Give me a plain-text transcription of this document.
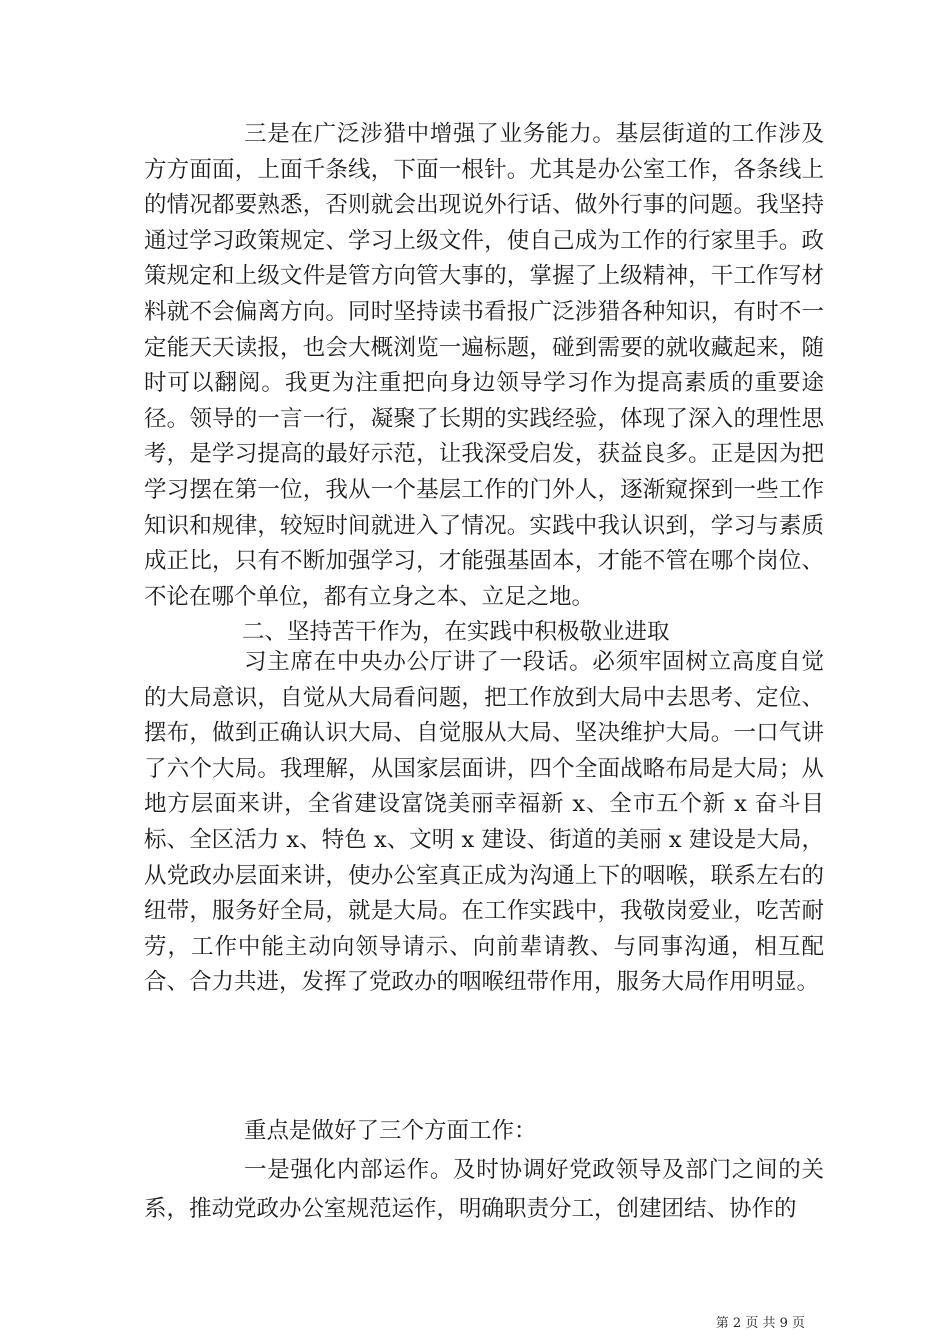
三是在广泛涉猎中增强了业务能力。基层街道的工作涉及方方面面，上面千条线，下面一根针。尤其是办公室工作，各条线上的情况都要熟悉，否则就会出现说外行话、做外行事的问题。我坚持通过学习政策规定、学习上级文件，使自己成为工作的行家里手。政策规定和上级文件是管方向管大事的，掌握了上级精神，干工作写材料就不会偏离方向。同时坚持读书看报广泛涉猎各种知识，有时不一定能天天读报，也会大概浏览一遍标题，碰到需要的就收藏起来，随时可以翻阅。我更为注重把向身边领导学习作为提高素质的重要途径。领导的一言一行，凝聚了长期的实践经验，体现了深入的理性思考，是学习提高的最好示范，让我深受启发，获益良多。正是因为把学习摆在第一位，我从一个基层工作的门外人，逐渐窥探到一些工作知识和规律，较短时间就进入了情况。实践中我认识到，学习与素质成正比，只有不断加强学习，才能强基固本，才能不管在哪个岗位、不论在哪个单位，都有立身之本、立足之地。

二、坚持苦干作为，在实践中积极敬业进取

习主席在中央办公厅讲了一段话。必须牢固树立高度自觉的大局意识，自觉从大局看问题，把工作放到大局中去思考、定位、摆布，做到正确认识大局、自觉服从大局、坚决维护大局。一口气讲了六个大局。我理解，从国家层面讲，四个全面战略布局是大局；从地方层面来讲，全省建设富饶美丽幸福新 x、全市五个新 x 奋斗目标、全区活力 x、特色 x、文明 x 建设、街道的美丽 x 建设是大局，从党政办层面来讲，使办公室真正成为沟通上下的咽喉，联系左右的纽带，服务好全局，就是大局。在工作实践中，我敬岗爱业，吃苦耐劳，工作中能主动向领导请示、向前辈请教、与同事沟通，相互配合、合力共进，发挥了党政办的咽喉纽带作用，服务大局作用明显。

重点是做好了三个方面工作：

一是强化内部运作。及时协调好党政领导及部门之间的关系，推动党政办公室规范运作，明确职责分工，创建团结、协作的

第 2 页 共 9 页
